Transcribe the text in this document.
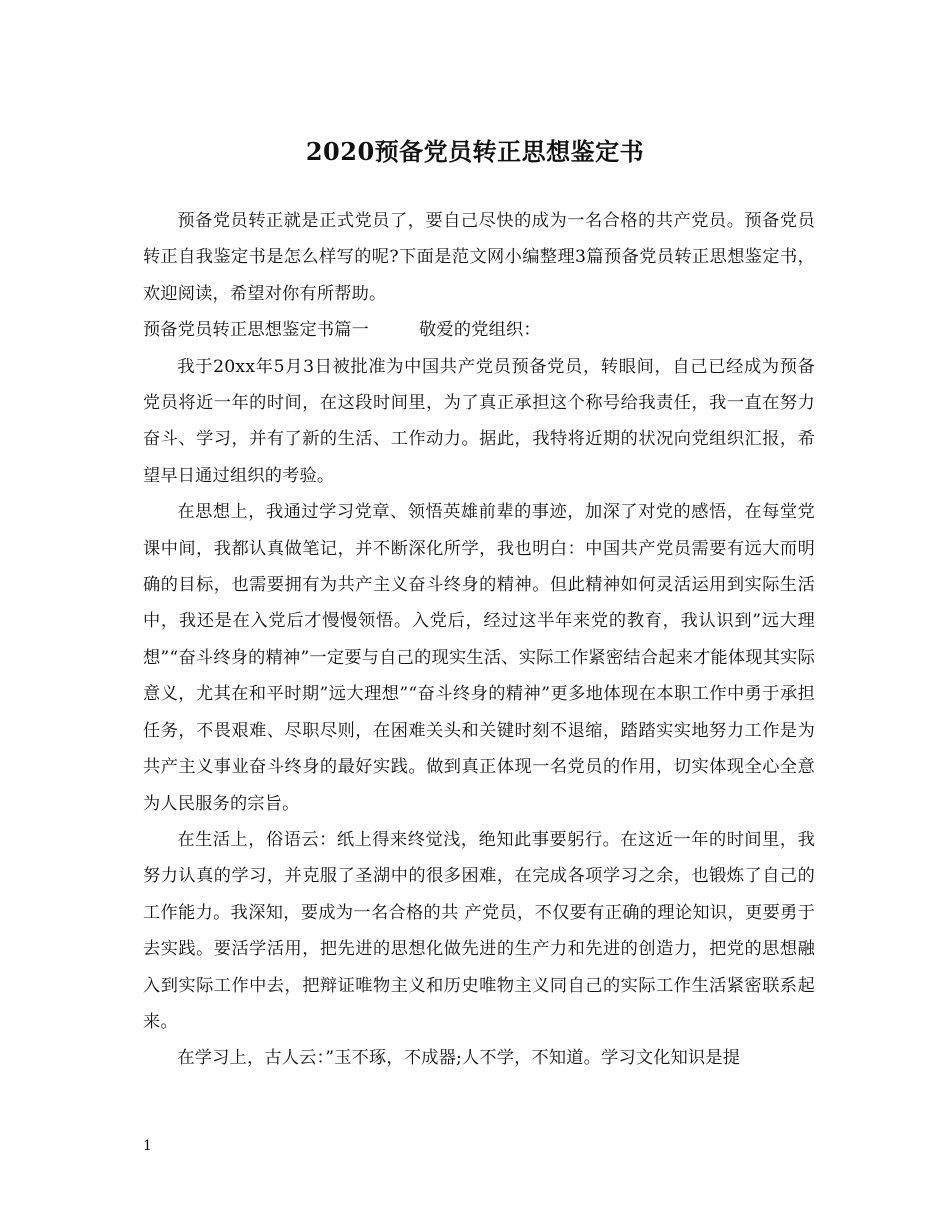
2020预备党员转正思想鉴定书

预备党员转正就是正式党员了，要自己尽快的成为一名合格的共产党员。预备党员转正自我鉴定书是怎么样写的呢?下面是范文网小编整理3篇预备党员转正思想鉴定书，欢迎阅读，希望对你有所帮助。

预备党员转正思想鉴定书篇一	敬爱的党组织：

我于20xx年5月3日被批准为中国共产党员预备党员，转眼间，自己已经成为预备党员将近一年的时间，在这段时间里，为了真正承担这个称号给我责任，我一直在努力奋斗、学习，并有了新的生活、工作动力。据此，我特将近期的状况向党组织汇报，希望早日通过组织的考验。

在思想上，我通过学习党章、领悟英雄前辈的事迹，加深了对党的感悟，在每堂党课中间，我都认真做笔记，并不断深化所学，我也明白：中国共产党员需要有远大而明确的目标，也需要拥有为共产主义奋斗终身的精神。但此精神如何灵活运用到实际生活中，我还是在入党后才慢慢领悟。入党后，经过这半年来党的教育，我认识到”远大理想”“奋斗终身的精神”一定要与自己的现实生活、实际工作紧密结合起来才能体现其实际意义，尤其在和平时期”远大理想”“奋斗终身的精神”更多地体现在本职工作中勇于承担任务，不畏艰难、尽职尽则，在困难关头和关键时刻不退缩，踏踏实实地努力工作是为共产主义事业奋斗终身的最好实践。做到真正体现一名党员的作用，切实体现全心全意为人民服务的宗旨。

在生活上，俗语云：纸上得来终觉浅，绝知此事要躬行。在这近一年的时间里，我努力认真的学习，并克服了圣湖中的很多困难，在完成各项学习之余，也锻炼了自己的工作能力。我深知，要成为一名合格的共 产党员，不仅要有正确的理论知识，更要勇于去实践。要活学活用，把先进的思想化做先进的生产力和先进的创造力，把党的思想融入到实际工作中去，把辩证唯物主义和历史唯物主义同自己的实际工作生活紧密联系起来。

在学习上，古人云：”玉不琢，不成器;人不学，不知道。学习文化知识是提

1
